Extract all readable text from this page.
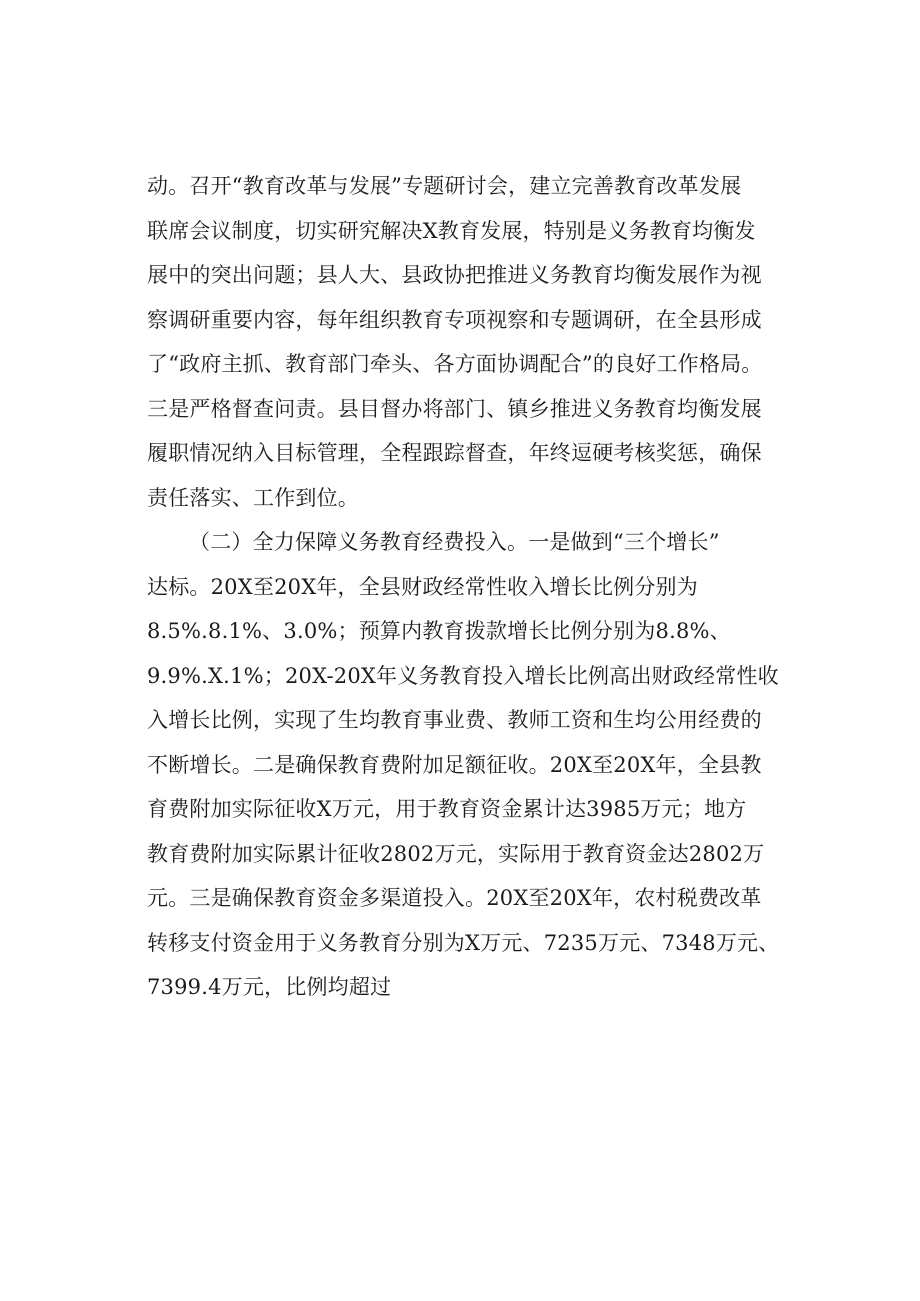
动。召开“教育改革与发展”专题研讨会，建立完善教育改革发展
联席会议制度，切实研究解决X教育发展，特别是义务教育均衡发
展中的突出问题；县人大、县政协把推进义务教育均衡发展作为视
察调研重要内容，每年组织教育专项视察和专题调研，在全县形成
了“政府主抓、教育部门牵头、各方面协调配合”的良好工作格局。
三是严格督查问责。县目督办将部门、镇乡推进义务教育均衡发展
履职情况纳入目标管理，全程跟踪督查，年终逗硬考核奖惩，确保
责任落实、工作到位。
（二）全力保障义务教育经费投入。一是做到“三个增长”
达标。20X至20X年，全县财政经常性收入增长比例分别为
8.5%.8.1%、3.0%；预算内教育拨款增长比例分别为8.8%、
9.9%.X.1%；20X-20X年义务教育投入增长比例高出财政经常性收
入增长比例，实现了生均教育事业费、教师工资和生均公用经费的
不断增长。二是确保教育费附加足额征收。20X至20X年，全县教
育费附加实际征收X万元，用于教育资金累计达3985万元；地方
教育费附加实际累计征收2802万元，实际用于教育资金达2802万
元。三是确保教育资金多渠道投入。20X至20X年，农村税费改革
转移支付资金用于义务教育分别为X万元、7235万元、7348万元、
7399.4万元，比例均超过
